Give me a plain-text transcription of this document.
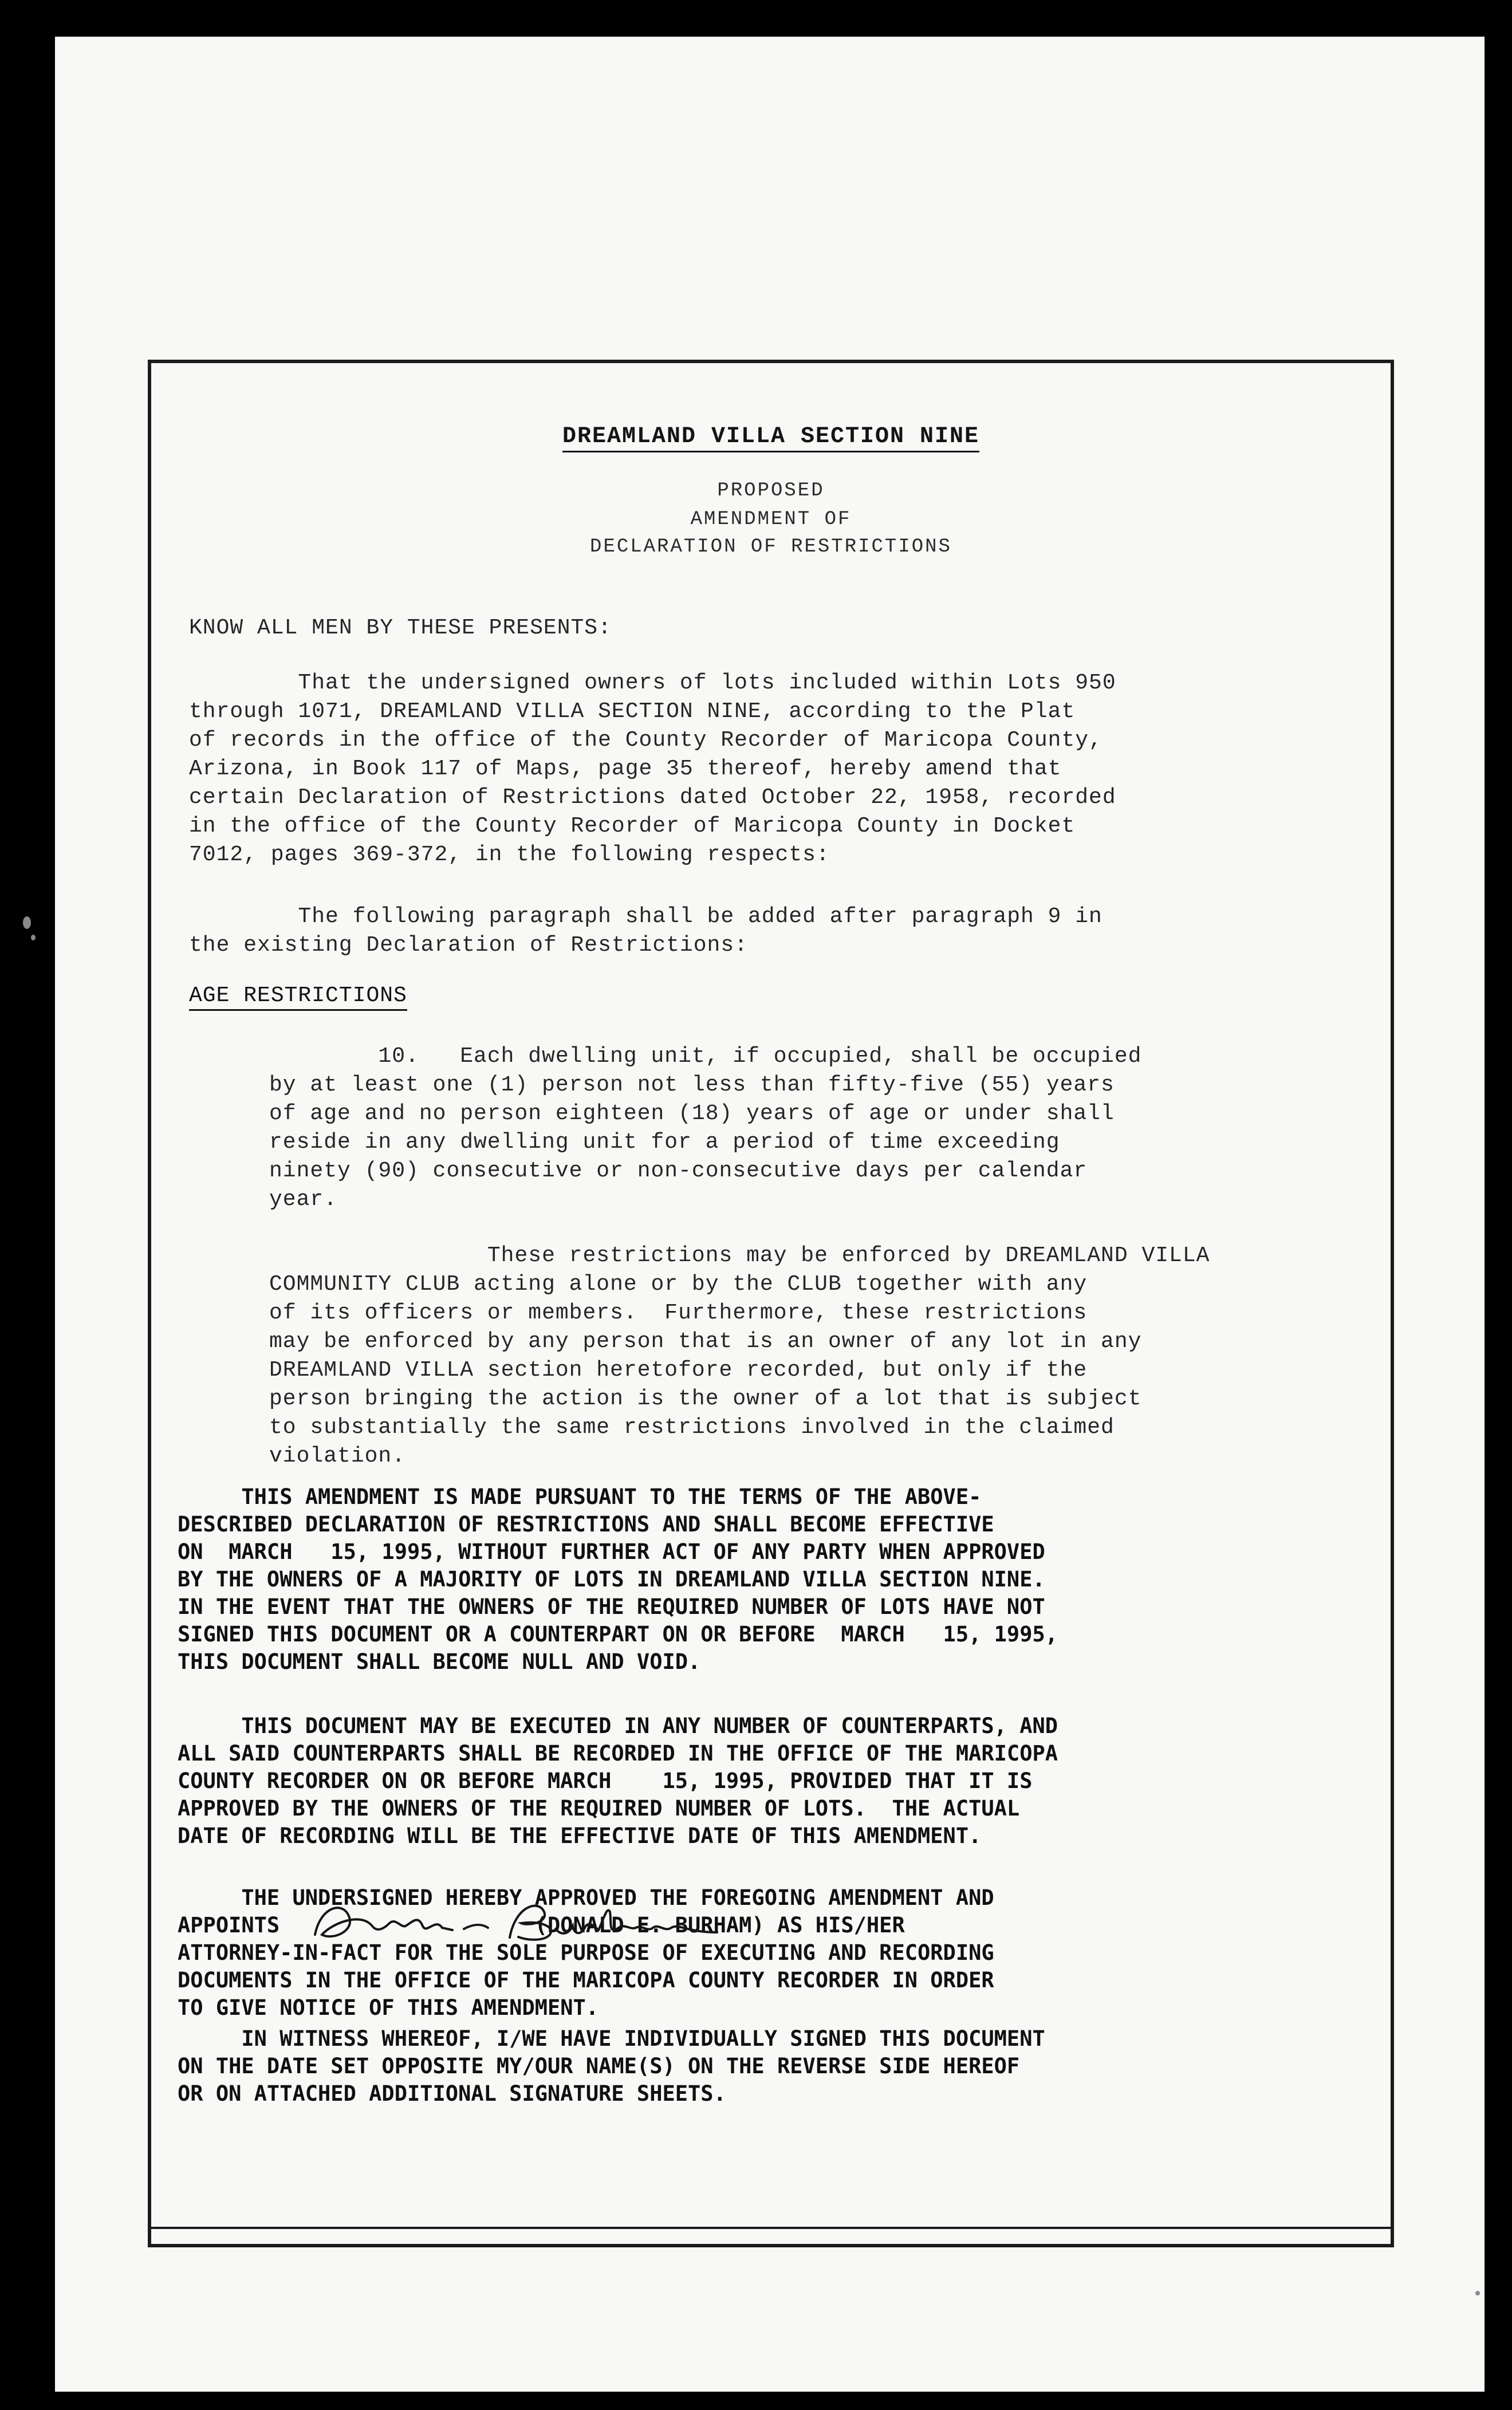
DREAMLAND VILLA SECTION NINE

PROPOSED

AMENDMENT OF

DECLARATION OF RESTRICTIONS

KNOW ALL MEN BY THESE PRESENTS:

That the undersigned owners of lots included within Lots 950
through 1071, DREAMLAND VILLA SECTION NINE, according to the Plat
of records in the office of the County Recorder of Maricopa County,
Arizona, in Book 117 of Maps, page 35 thereof, hereby amend that
certain Declaration of Restrictions dated October 22, 1958, recorded
in the office of the County Recorder of Maricopa County in Docket
7012, pages 369-372, in the following respects:

The following paragraph shall be added after paragraph 9 in
the existing Declaration of Restrictions:

AGE RESTRICTIONS

10.   Each dwelling unit, if occupied, shall be occupied
by at least one (1) person not less than fifty-five (55) years
of age and no person eighteen (18) years of age or under shall
reside in any dwelling unit for a period of time exceeding
ninety (90) consecutive or non-consecutive days per calendar
year.

These restrictions may be enforced by DREAMLAND VILLA
COMMUNITY CLUB acting alone or by the CLUB together with any
of its officers or members.  Furthermore, these restrictions
may be enforced by any person that is an owner of any lot in any
DREAMLAND VILLA section heretofore recorded, but only if the
person bringing the action is the owner of a lot that is subject
to substantially the same restrictions involved in the claimed
violation.

THIS AMENDMENT IS MADE PURSUANT TO THE TERMS OF THE ABOVE-
DESCRIBED DECLARATION OF RESTRICTIONS AND SHALL BECOME EFFECTIVE
ON  MARCH   15, 1995, WITHOUT FURTHER ACT OF ANY PARTY WHEN APPROVED
BY THE OWNERS OF A MAJORITY OF LOTS IN DREAMLAND VILLA SECTION NINE.
IN THE EVENT THAT THE OWNERS OF THE REQUIRED NUMBER OF LOTS HAVE NOT
SIGNED THIS DOCUMENT OR A COUNTERPART ON OR BEFORE  MARCH   15, 1995,
THIS DOCUMENT SHALL BECOME NULL AND VOID.

THIS DOCUMENT MAY BE EXECUTED IN ANY NUMBER OF COUNTERPARTS, AND
ALL SAID COUNTERPARTS SHALL BE RECORDED IN THE OFFICE OF THE MARICOPA
COUNTY RECORDER ON OR BEFORE MARCH    15, 1995, PROVIDED THAT IT IS
APPROVED BY THE OWNERS OF THE REQUIRED NUMBER OF LOTS.  THE ACTUAL
DATE OF RECORDING WILL BE THE EFFECTIVE DATE OF THIS AMENDMENT.

THE UNDERSIGNED HEREBY APPROVED THE FOREGOING AMENDMENT AND
APPOINTS                    (DONALD E. BURHAM) AS HIS/HER
ATTORNEY-IN-FACT FOR THE SOLE PURPOSE OF EXECUTING AND RECORDING
DOCUMENTS IN THE OFFICE OF THE MARICOPA COUNTY RECORDER IN ORDER
TO GIVE NOTICE OF THIS AMENDMENT.

IN WITNESS WHEREOF, I/WE HAVE INDIVIDUALLY SIGNED THIS DOCUMENT
ON THE DATE SET OPPOSITE MY/OUR NAME(S) ON THE REVERSE SIDE HEREOF
OR ON ATTACHED ADDITIONAL SIGNATURE SHEETS.
